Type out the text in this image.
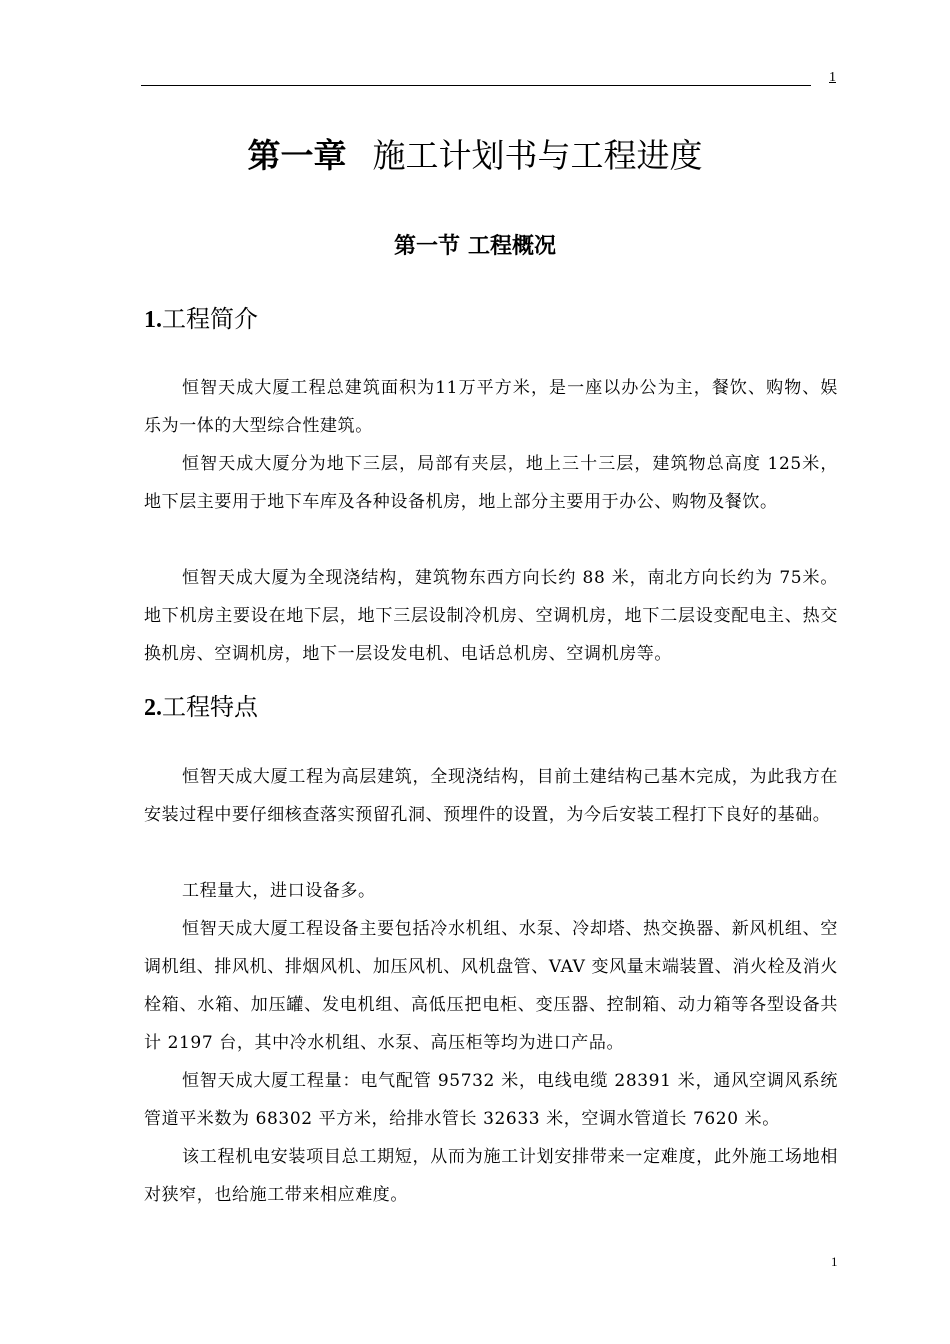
1
第一章 施工计划书与工程进度
第一节 工程概况
1.工程简介
恒智天成大厦工程总建筑面积为11万平方米，是一座以办公为主，餐饮、购物、娱乐为一体的大型综合性建筑。
恒智天成大厦分为地下三层，局部有夹层，地上三十三层，建筑物总高度 125米，地下层主要用于地下车库及各种设备机房，地上部分主要用于办公、购物及餐饮。
恒智天成大厦为全现浇结构，建筑物东西方向长约 88 米，南北方向长约为 75米。地下机房主要设在地下层，地下三层设制冷机房、空调机房，地下二层设变配电主、热交换机房、空调机房，地下一层设发电机、电话总机房、空调机房等。
2.工程特点
恒智天成大厦工程为高层建筑，全现浇结构，目前土建结构己基木完成，为此我方在安装过程中要仔细核查落实预留孔洞、预埋件的设置，为今后安装工程打下良好的基础。
工程量大，进口设备多。
恒智天成大厦工程设备主要包括冷水机组、水泵、冷却塔、热交换器、新风机组、空调机组、排风机、排烟风机、加压风机、风机盘管、VAV 变风量末端装置、消火栓及消火栓箱、水箱、加压罐、发电机组、高低压把电柜、变压器、控制箱、动力箱等各型设备共计 2197 台，其中冷水机组、水泵、高压柜等均为进口产品。
恒智天成大厦工程量：电气配管 95732 米，电线电缆 28391 米，通风空调风系统管道平米数为 68302 平方米，给排水管长 32633 米，空调水管道长 7620 米。
该工程机电安装项目总工期短，从而为施工计划安排带来一定难度，此外施工场地相对狭窄，也给施工带来相应难度。
1
